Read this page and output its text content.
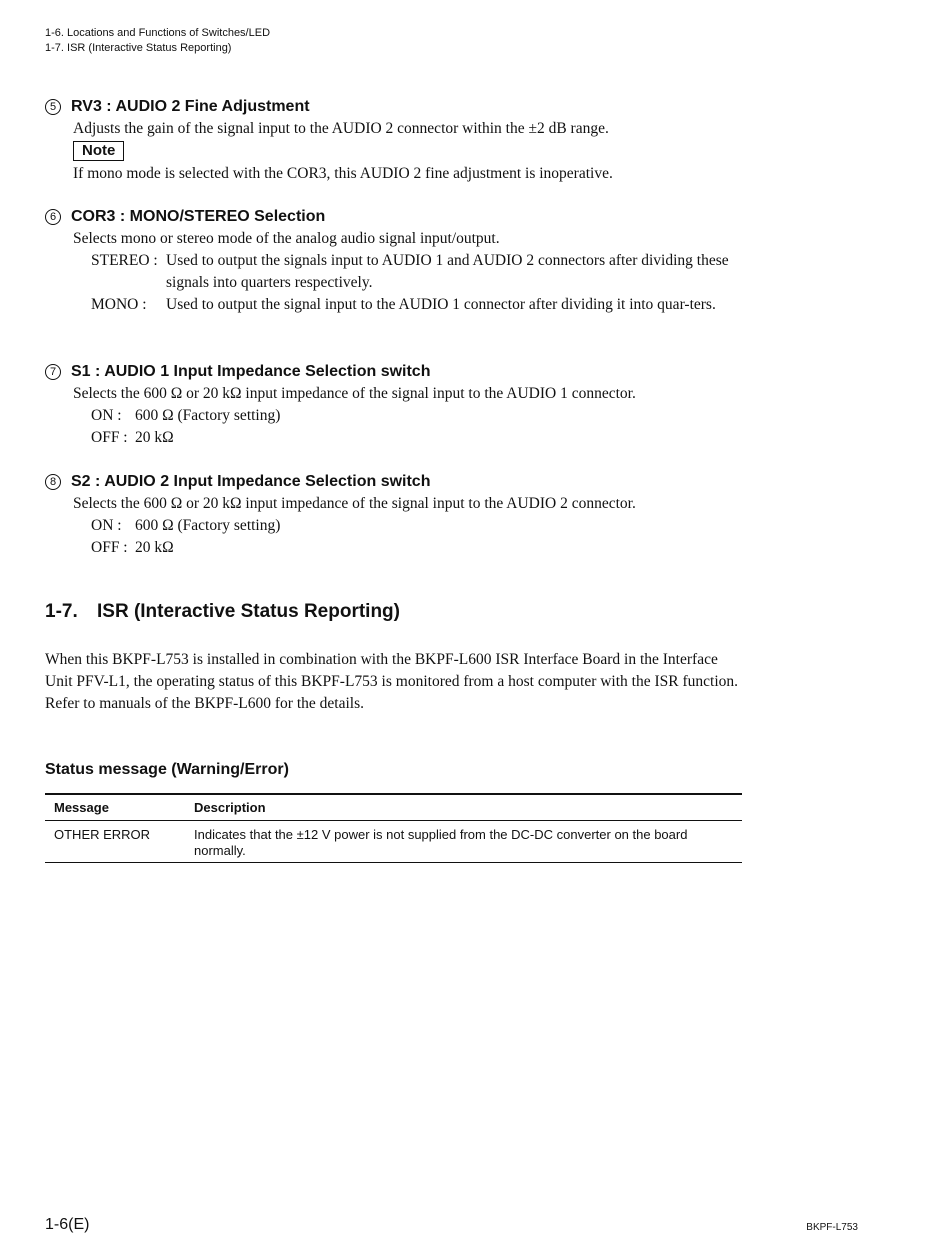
1-6. Locations and Functions of Switches/LED
1-7. ISR (Interactive Status Reporting)
5 RV3 : AUDIO 2 Fine Adjustment
Adjusts the gain of the signal input to the AUDIO 2 connector within the ±2 dB range.
Note
If mono mode is selected with the COR3, this AUDIO 2 fine adjustment is inoperative.
6 COR3 : MONO/STEREO Selection
Selects mono or stereo mode of the analog audio signal input/output.
STEREO : Used to output the signals input to AUDIO 1 and AUDIO 2 connectors after dividing these signals into quarters respectively.
MONO :	Used to output the signal input to the AUDIO 1 connector after dividing it into quar-ters.
7 S1 : AUDIO 1 Input Impedance Selection switch
Selects the 600 Ω or 20 kΩ input impedance of the signal input to the AUDIO 1 connector.
ON : 600 Ω (Factory setting)
OFF : 20 kΩ
8 S2 : AUDIO 2 Input Impedance Selection switch
Selects the 600 Ω or 20 kΩ input impedance of the signal input to the AUDIO 2 connector.
ON : 600 Ω (Factory setting)
OFF : 20 kΩ
1-7. ISR (Interactive Status Reporting)
When this BKPF-L753 is installed in combination with the BKPF-L600 ISR Interface Board in the Interface Unit PFV-L1, the operating status of this BKPF-L753 is monitored from a host computer with the ISR function.
Refer to manuals of the BKPF-L600 for the details.
Status message (Warning/Error)
Message	Description
OTHER ERROR	Indicates that the ±12 V power is not supplied from the DC-DC converter on the board normally.
1-6(E)	BKPF-L753
